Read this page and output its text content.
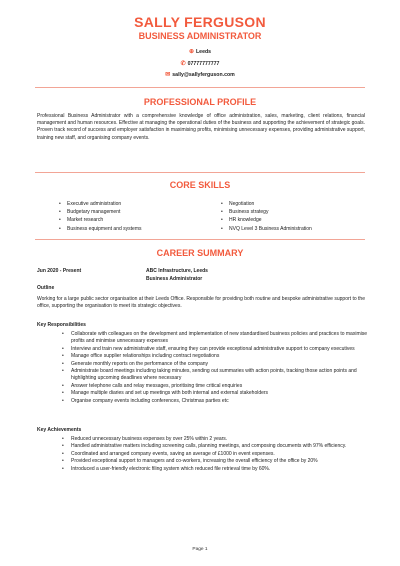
SALLY FERGUSON
BUSINESS ADMINISTRATOR
⊕ Leeds
✆ 07777777777
✉ sally@sallyferguson.com
PROFESSIONAL PROFILE
Professional Business Administrator with a comprehensive knowledge of office administration, sales, marketing, client relations, financial management and human resources. Effective at managing the operational duties of the business and supporting the achievement of strategic goals. Proven track record of success and employer satisfaction in maximising profits, minimising unnecessary expenses, providing administrative support, training new staff, and organising company events.
CORE SKILLS
• Executive administration
• Budgetary management
• Market research
• Business equipment and systems
• Negotiation
• Business strategy
• HR knowledge
• NVQ Level 3 Business Administration
CAREER SUMMARY
Jun 2020 - Present	ABC Infrastructure, Leeds
Business Administrator
Outline
Working for a large public sector organisation at their Leeds Office. Responsible for providing both routine and bespoke administrative support to the office, supporting the organisation to meet its strategic objectives.
Key Responsibilities
• Collaborate with colleagues on the development and implementation of new standardised business policies and practices to maximise profits and minimise unnecessary expenses
• Interview and train new administrative staff, ensuring they can provide exceptional administrative support to company executives
• Manage office supplier relationships including contract negotiations
• Generate monthly reports on the performance of the company
• Administrate board meetings including taking minutes, sending out summaries with action points, tracking those action points and highlighting upcoming deadlines where necessary
• Answer telephone calls and relay messages, prioritising time critical enquiries
• Manage multiple diaries and set up meetings with both internal and external stakeholders
• Organise company events including conferences, Christmas parties etc
Key Achievements
• Reduced unnecessary business expenses by over 25% within 2 years.
• Handled administrative matters including screening calls, planning meetings, and composing documents with 97% efficiency.
• Coordinated and arranged company events, saving an average of £1000 in event expenses.
• Provided exceptional support to managers and co-workers, increasing the overall efficiency of the office by 20%
• Introduced a user-friendly electronic filing system which reduced file retrieval time by 60%.
Page 1
